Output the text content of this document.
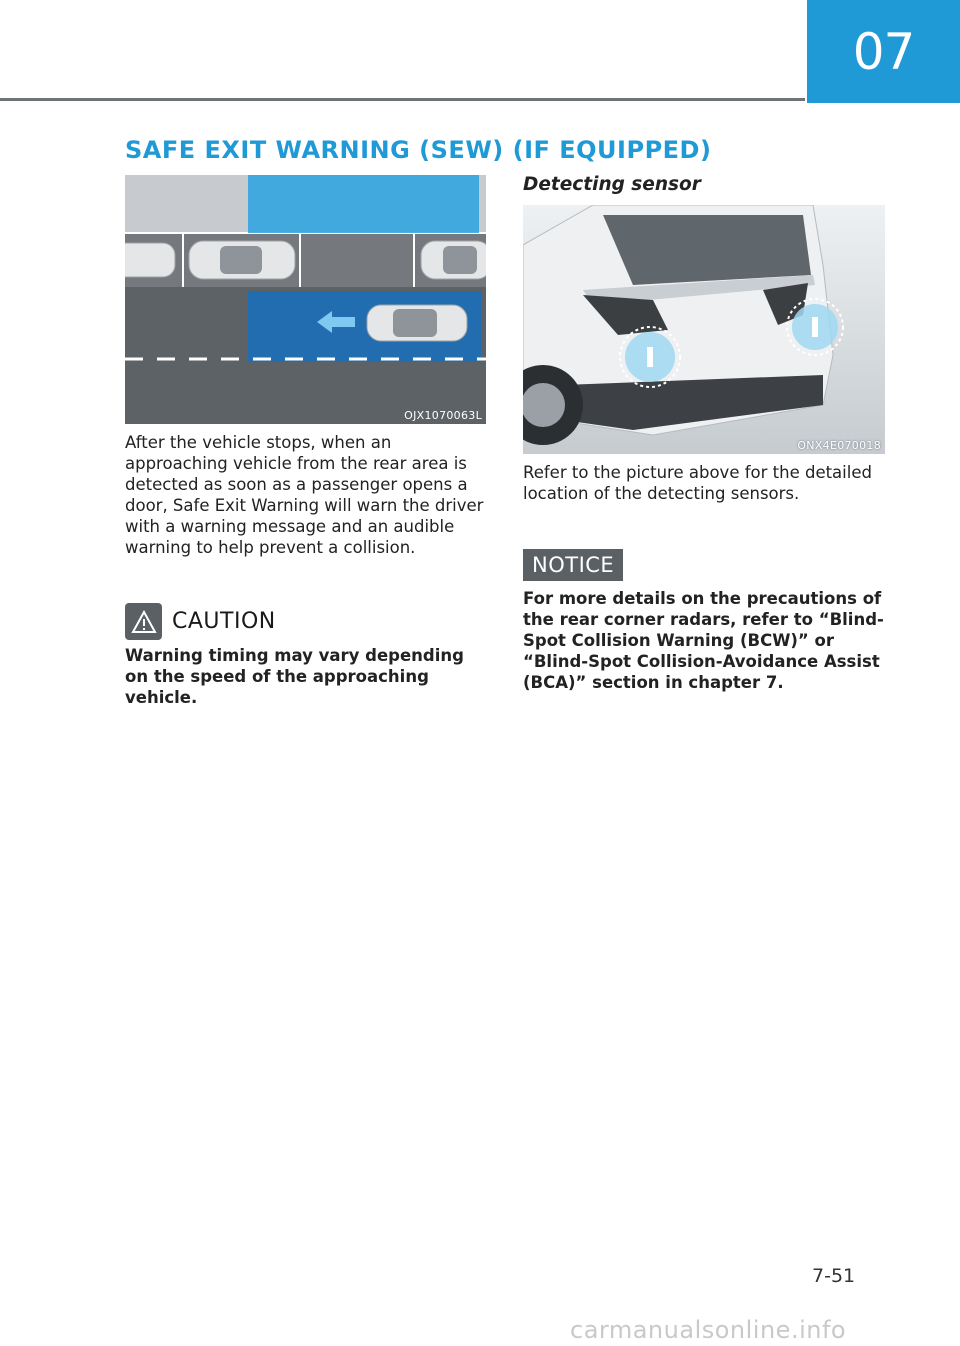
07
SAFE EXIT WARNING (SEW) (IF EQUIPPED)
OJX1070063L
After the vehicle stops, when an approaching vehicle from the rear area is detected as soon as a passenger opens a door, Safe Exit Warning will warn the driver with a warning message and an audible warning to help prevent a collision.
CAUTION
Warning timing may vary depending on the speed of the approaching vehicle.
Detecting sensor
ONX4E070018
Refer to the picture above for the detailed location of the detecting sensors.
NOTICE
For more details on the precautions of the rear corner radars, refer to “Blind-Spot Collision Warning (BCW)” or “Blind-Spot Collision-Avoidance Assist (BCA)” section in chapter 7.
7-51
carmanualsonline.info
